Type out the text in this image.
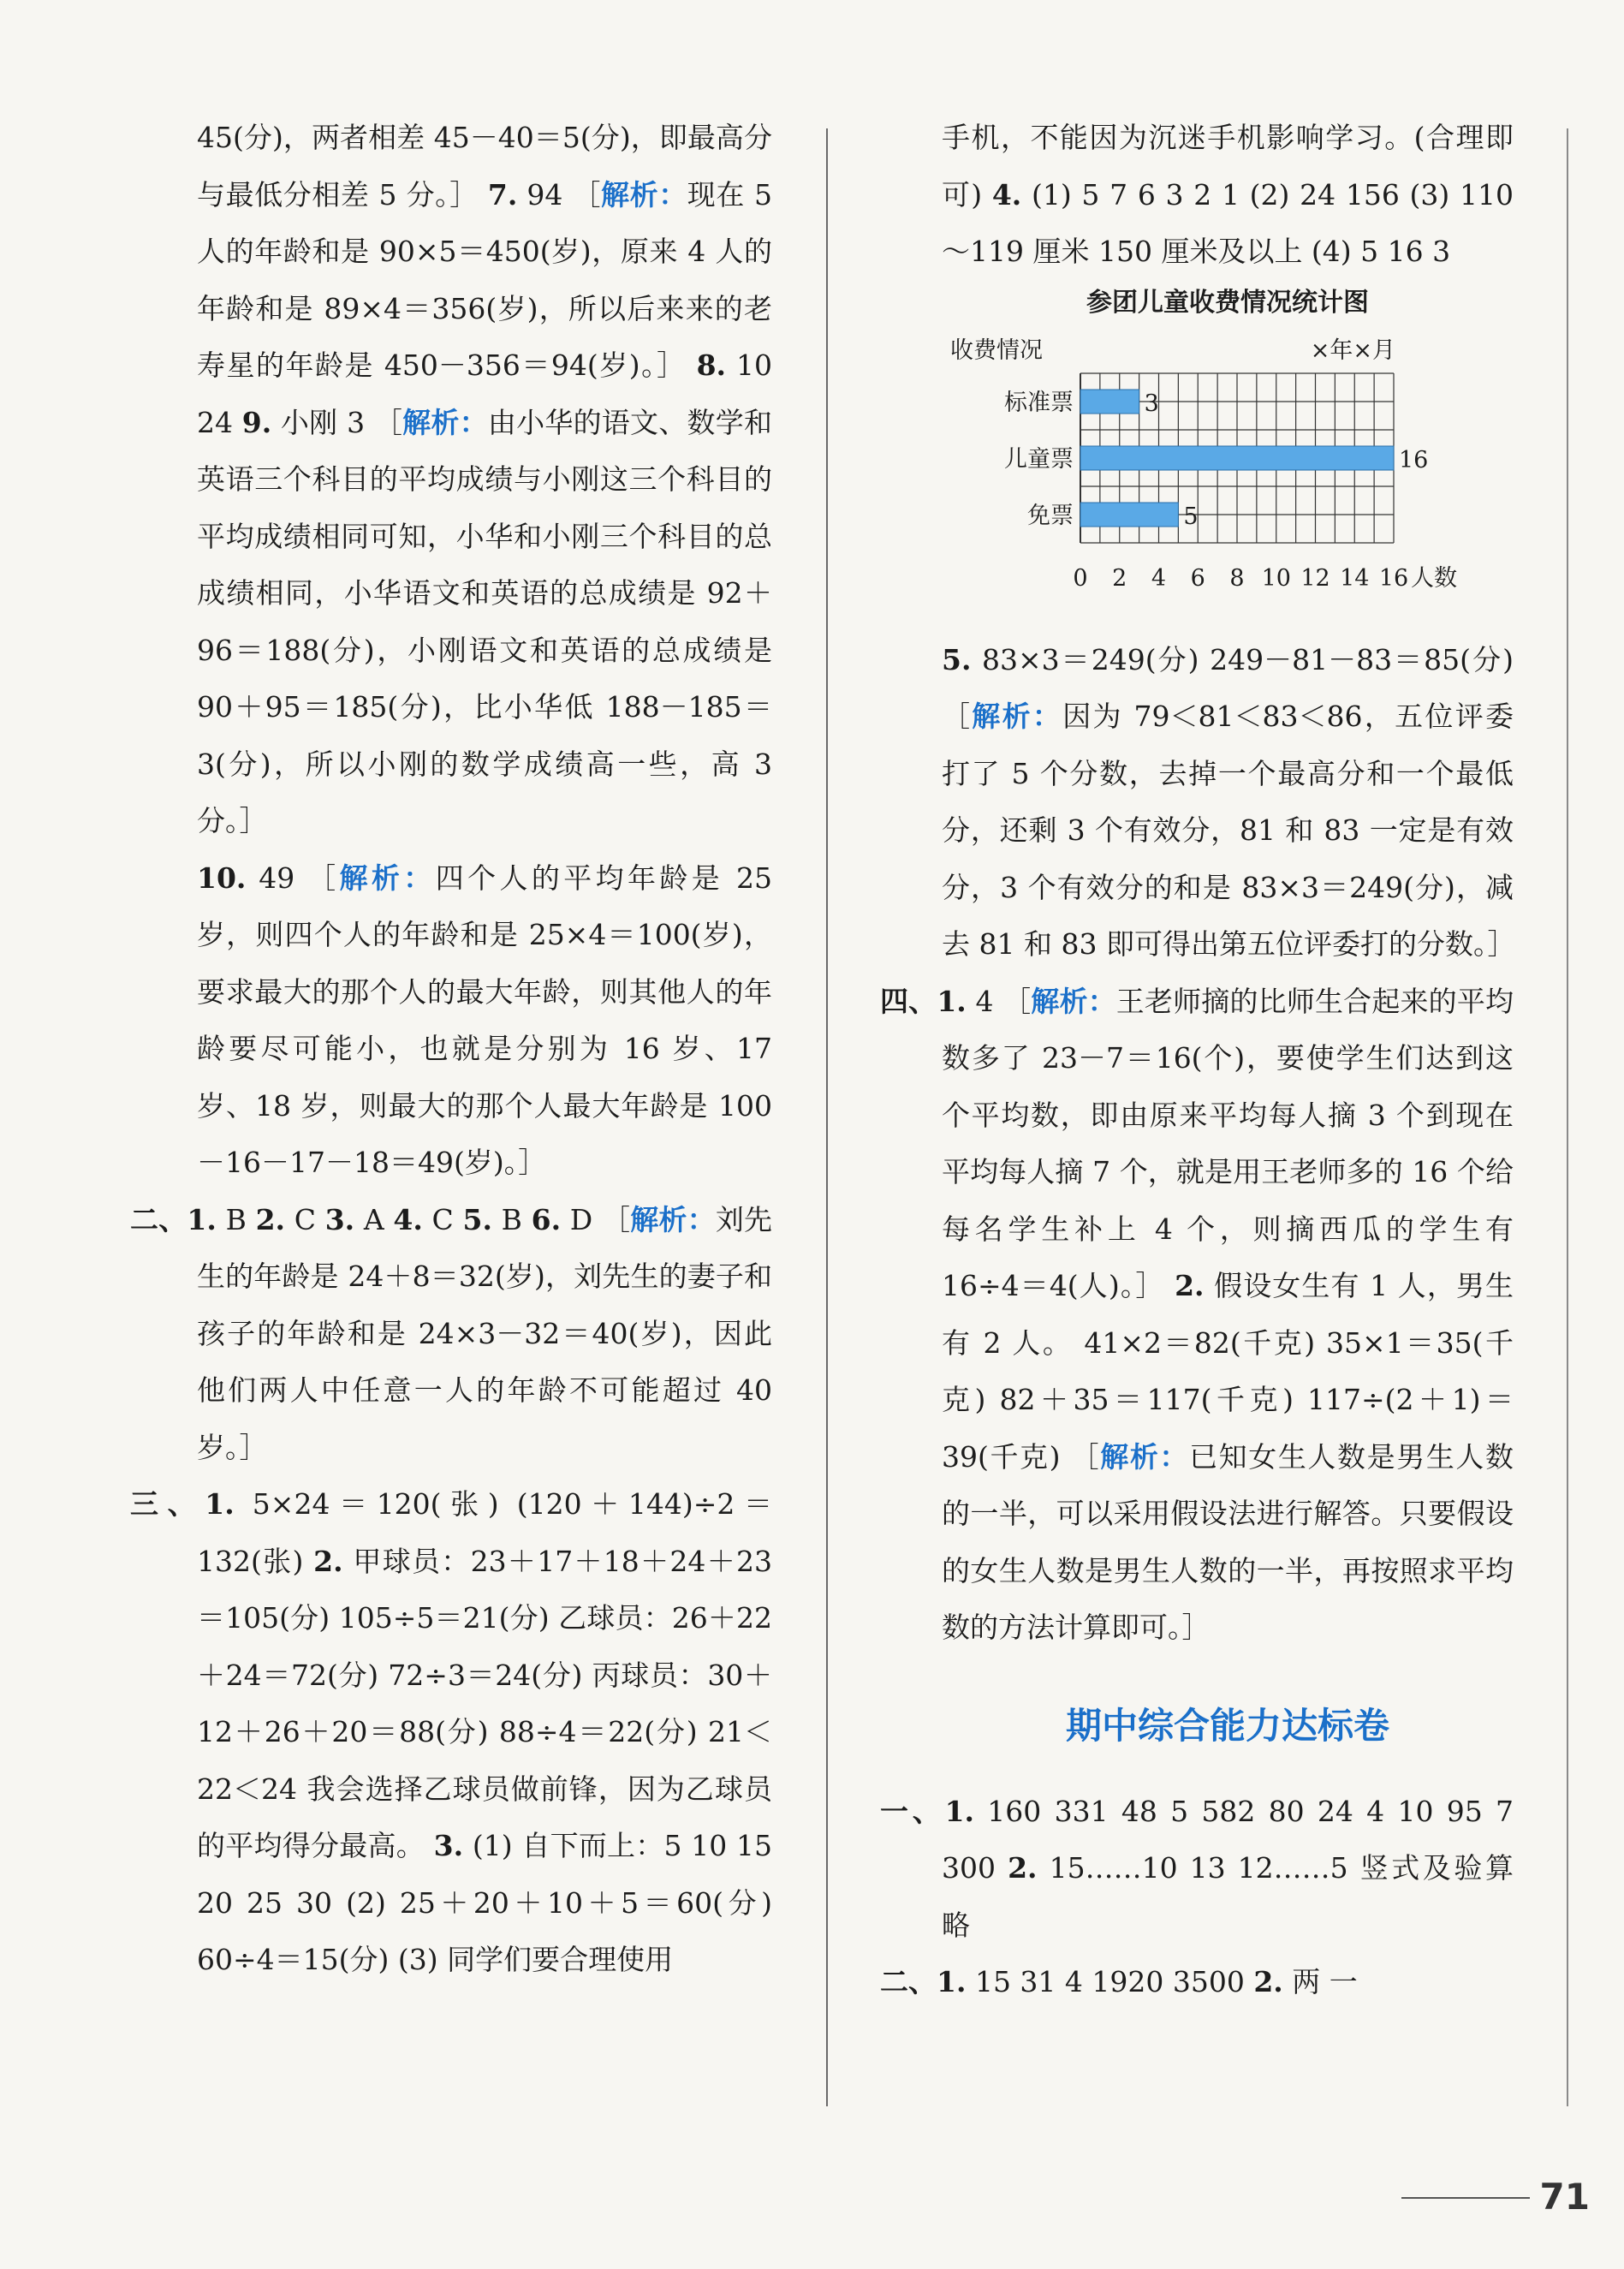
45(分)，两者相差 45－40＝5(分)，即最高分与最低分相差 5 分。］ 7. 94 ［解析：现在 5 人的年龄和是 90×5＝450(岁)，原来 4 人的年龄和是 89×4＝356(岁)，所以后来来的老寿星的年龄是 450－356＝94(岁)。］ 8. 10 24 9. 小刚 3 ［解析：由小华的语文、数学和英语三个科目的平均成绩与小刚这三个科目的平均成绩相同可知，小华和小刚三个科目的总成绩相同，小华语文和英语的总成绩是 92＋96＝188(分)，小刚语文和英语的总成绩是 90＋95＝185(分)，比小华低 188－185＝3(分)，所以小刚的数学成绩高一些，高 3 分。］

10. 49 ［解析：四个人的平均年龄是 25 岁，则四个人的年龄和是 25×4＝100(岁)，要求最大的那个人的最大年龄，则其他人的年龄要尽可能小，也就是分别为 16 岁、17 岁、18 岁，则最大的那个人最大年龄是 100－16－17－18＝49(岁)。］

二、1. B 2. C 3. A 4. C 5. B 6. D ［解析：刘先生的年龄是 24＋8＝32(岁)，刘先生的妻子和孩子的年龄和是 24×3－32＝40(岁)，因此他们两人中任意一人的年龄不可能超过 40 岁。］

三、1. 5×24＝120(张) (120＋144)÷2＝132(张) 2. 甲球员：23＋17＋18＋24＋23＝105(分) 105÷5＝21(分) 乙球员：26＋22＋24＝72(分) 72÷3＝24(分) 丙球员：30＋12＋26＋20＝88(分) 88÷4＝22(分) 21＜22＜24 我会选择乙球员做前锋，因为乙球员的平均得分最高。 3. (1) 自下而上：5 10 15 20 25 30 (2) 25＋20＋10＋5＝60(分) 60÷4＝15(分) (3) 同学们要合理使用

手机，不能因为沉迷手机影响学习。(合理即可) 4. (1) 5 7 6 3 2 1 (2) 24 156 (3) 110～119 厘米 150 厘米及以上 (4) 5 16 3

参团儿童收费情况统计图
收费情况	×年×月
标准票	3
儿童票	16
免票	5
0 2 4 6 8 10 12 14 16 人数

5. 83×3＝249(分) 249－81－83＝85(分) ［解析：因为 79＜81＜83＜86，五位评委打了 5 个分数，去掉一个最高分和一个最低分，还剩 3 个有效分，81 和 83 一定是有效分，3 个有效分的和是 83×3＝249(分)，减去 81 和 83 即可得出第五位评委打的分数。］

四、1. 4 ［解析：王老师摘的比师生合起来的平均数多了 23－7＝16(个)，要使学生们达到这个平均数，即由原来平均每人摘 3 个到现在平均每人摘 7 个，就是用王老师多的 16 个给每名学生补上 4 个，则摘西瓜的学生有 16÷4＝4(人)。］ 2. 假设女生有 1 人，男生有 2 人。 41×2＝82(千克) 35×1＝35(千克) 82＋35＝117(千克) 117÷(2＋1)＝39(千克) ［解析：已知女生人数是男生人数的一半，可以采用假设法进行解答。只要假设的女生人数是男生人数的一半，再按照求平均数的方法计算即可。］

期中综合能力达标卷

一、1. 160 331 48 5 582 80 24 4 10 95 7 300 2. 15……10 13 12……5 竖式及验算略

二、1. 15 31 4 1920 3500 2. 两 一

71
